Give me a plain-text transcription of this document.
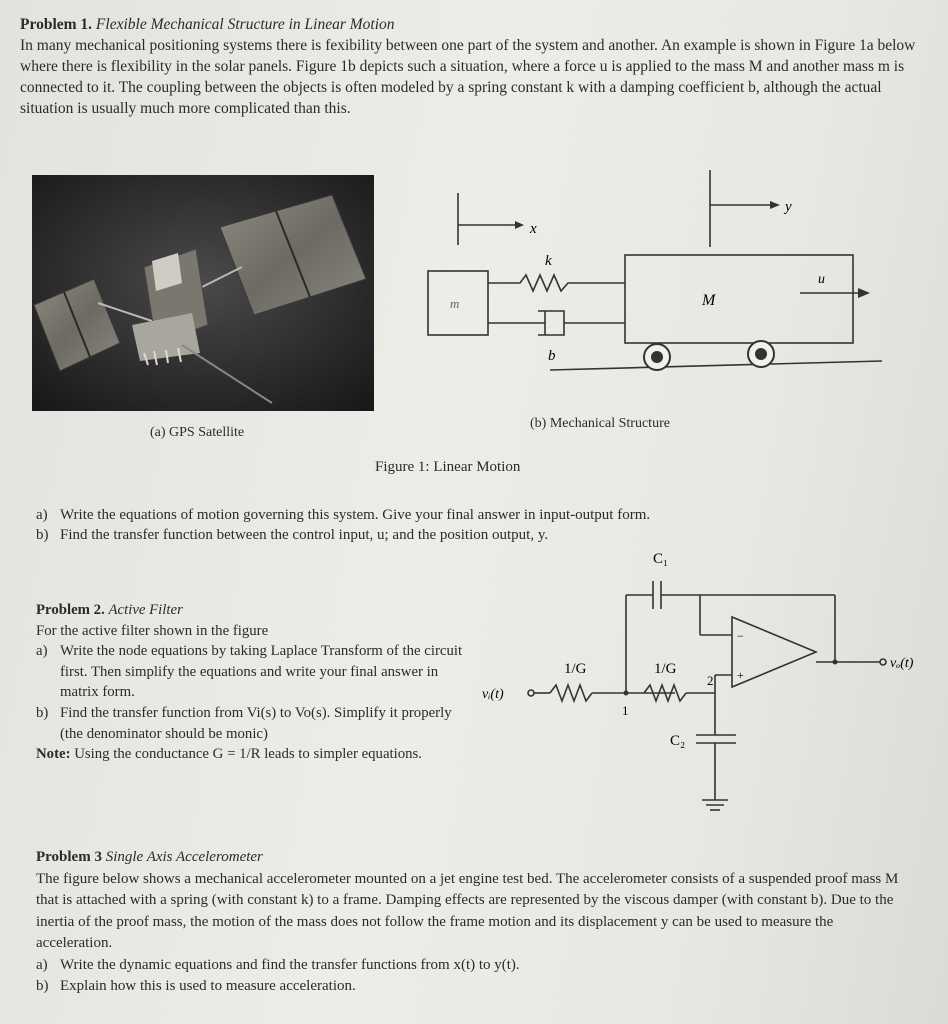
Problem 1. Flexible Mechanical Structure in Linear Motion
In many mechanical positioning systems there is fexibility between one part of the system and another. An example is shown in Figure 1a below where there is flexibility in the solar panels. Figure 1b depicts such a situation, where a force u is applied to the mass M and another mass m is connected to it. The coupling between the objects is often modeled by a spring constant k with a damping coefficient b, although the actual situation is usually much more complicated than this.
x
y
k
b
m	M
u
(a) GPS Satellite
(b) Mechanical Structure
Figure 1: Linear Motion
a) Write the equations of motion governing this system. Give your final answer in input-output form.
b) Find the transfer function between the control input, u; and the position output, y.
Problem 2. Active Filter
For the active filter shown in the figure
a) Write the node equations by taking Laplace Transform of the circuit first. Then simplify the equations and write your final answer in matrix form.
b) Find the transfer function from Vi(s) to Vo(s). Simplify it properly (the denominator should be monic)
Note: Using the conductance G = 1/R leads to simpler equations.
C₁
C₂
1/G	1/G
vᵢ(t)
vₒ(t)
1
2
−
+
Problem 3 Single Axis Accelerometer
The figure below shows a mechanical accelerometer mounted on a jet engine test bed. The accelerometer consists of a suspended proof mass M that is attached with a spring (with constant k) to a frame. Damping effects are represented by the viscous damper (with constant b). Due to the inertia of the proof mass, the motion of the mass does not follow the frame motion and its displacement y can be used to measure the acceleration.
a) Write the dynamic equations and find the transfer functions from x(t) to y(t).
b) Explain how this is used to measure acceleration.
